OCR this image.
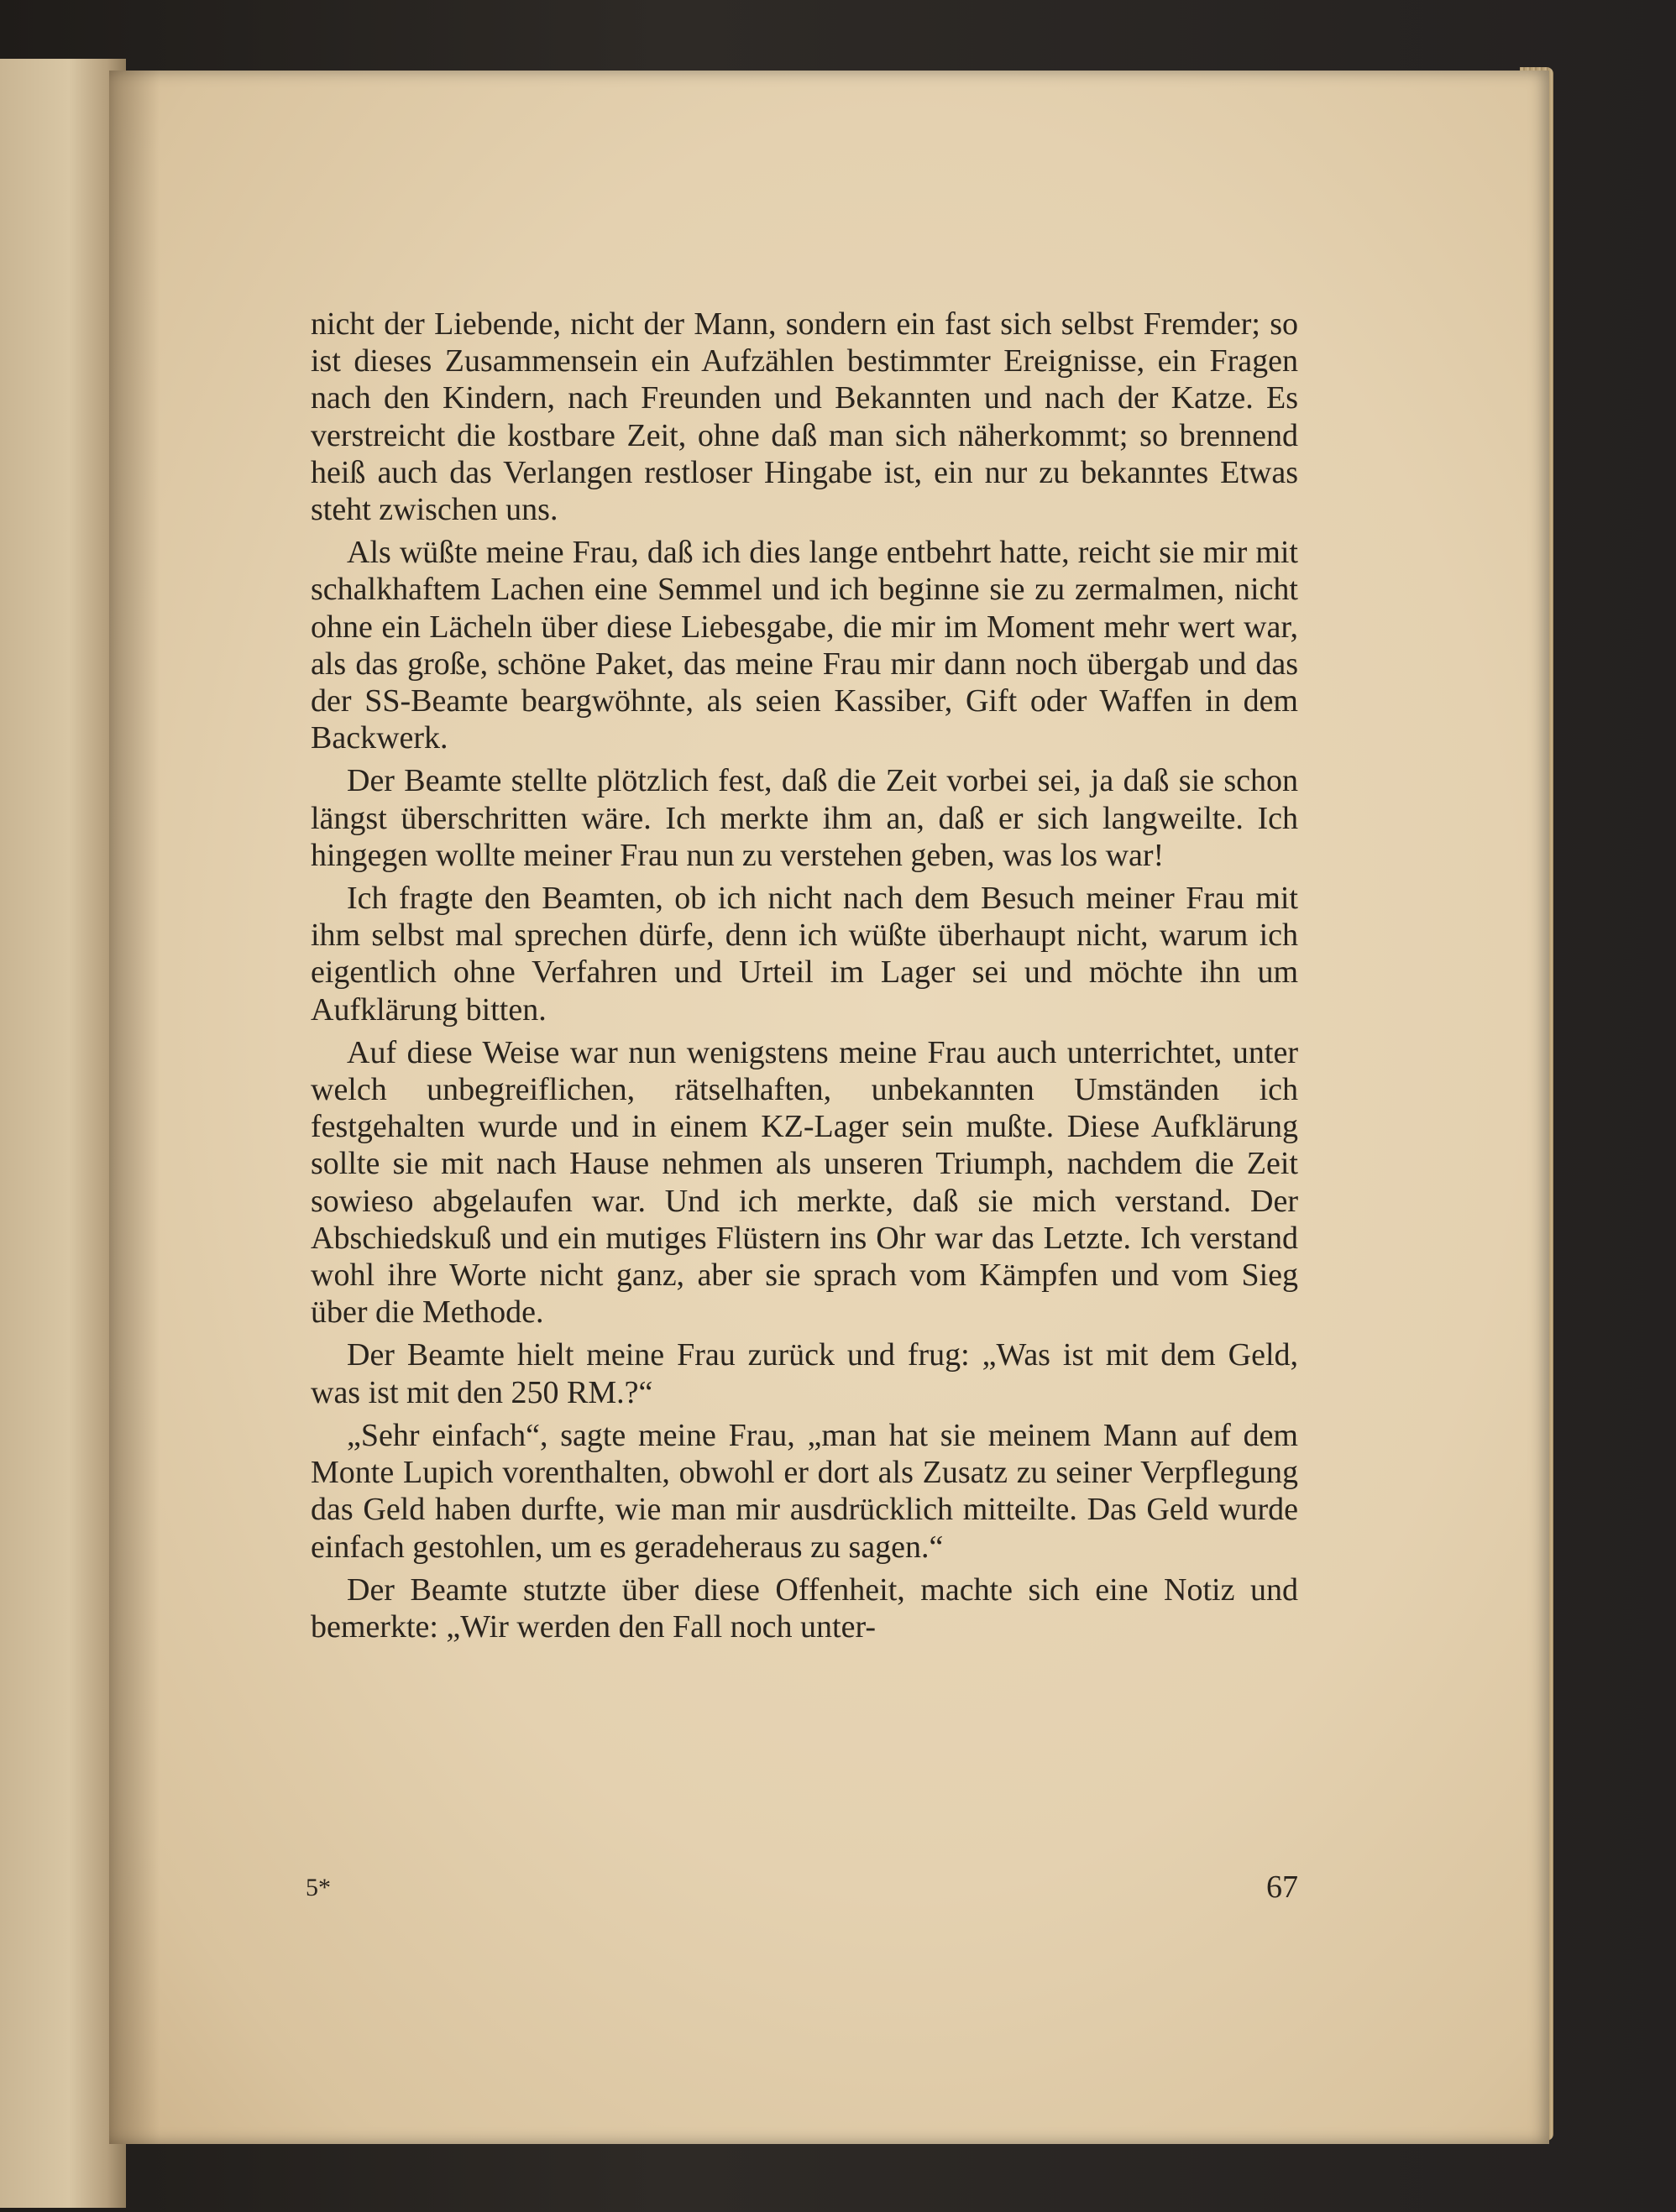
nicht der Liebende, nicht der Mann, sondern ein fast sich selbst Fremder; so ist dieses Zusammensein ein Aufzählen bestimmter Ereignisse, ein Fragen nach den Kindern, nach Freunden und Bekannten und nach der Katze. Es verstreicht die kostbare Zeit, ohne daß man sich näherkommt; so brennend heiß auch das Verlangen restloser Hingabe ist, ein nur zu bekanntes Etwas steht zwischen uns.

Als wüßte meine Frau, daß ich dies lange entbehrt hatte, reicht sie mir mit schalkhaftem Lachen eine Semmel und ich beginne sie zu zermalmen, nicht ohne ein Lächeln über diese Liebesgabe, die mir im Moment mehr wert war, als das große, schöne Paket, das meine Frau mir dann noch übergab und das der SS-Beamte beargwöhnte, als seien Kassiber, Gift oder Waffen in dem Backwerk.

Der Beamte stellte plötzlich fest, daß die Zeit vorbei sei, ja daß sie schon längst überschritten wäre. Ich merkte ihm an, daß er sich langweilte. Ich hingegen wollte meiner Frau nun zu verstehen geben, was los war!

Ich fragte den Beamten, ob ich nicht nach dem Besuch meiner Frau mit ihm selbst mal sprechen dürfe, denn ich wüßte überhaupt nicht, warum ich eigentlich ohne Verfahren und Urteil im Lager sei und möchte ihn um Aufklärung bitten.

Auf diese Weise war nun wenigstens meine Frau auch unterrichtet, unter welch unbegreiflichen, rätselhaften, unbekannten Umständen ich festgehalten wurde und in einem KZ-Lager sein mußte. Diese Aufklärung sollte sie mit nach Hause nehmen als unseren Triumph, nachdem die Zeit sowieso abgelaufen war. Und ich merkte, daß sie mich verstand. Der Abschiedskuß und ein mutiges Flüstern ins Ohr war das Letzte. Ich verstand wohl ihre Worte nicht ganz, aber sie sprach vom Kämpfen und vom Sieg über die Methode.

Der Beamte hielt meine Frau zurück und frug: „Was ist mit dem Geld, was ist mit den 250 RM.?“

„Sehr einfach“, sagte meine Frau, „man hat sie meinem Mann auf dem Monte Lupich vorenthalten, obwohl er dort als Zusatz zu seiner Verpflegung das Geld haben durfte, wie man mir ausdrücklich mitteilte. Das Geld wurde einfach gestohlen, um es geradeheraus zu sagen.“

Der Beamte stutzte über diese Offenheit, machte sich eine Notiz und bemerkte: „Wir werden den Fall noch unter-

5*	67
